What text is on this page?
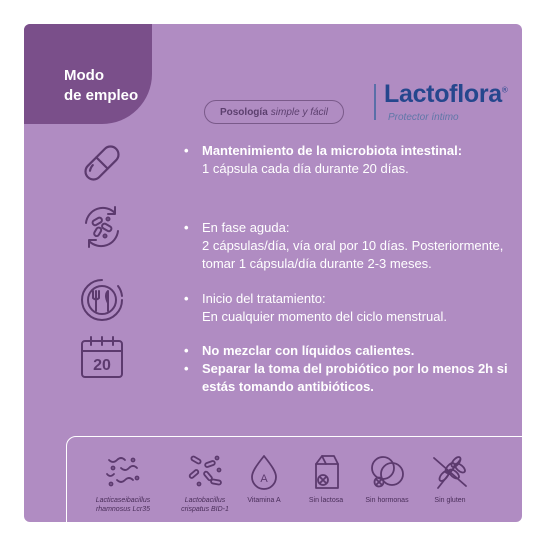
Modo
de empleo
Posología simple y fácil
Lactoflora®
Protector íntimo
20
•	Mantenimiento de la microbiota intestinal:
1 cápsula cada día durante 20 días.
•	En fase aguda:
2 cápsulas/día, vía oral por 10 días. Posteriormente,
tomar 1 cápsula/día durante 2-3 meses.
•	Inicio del tratamiento:
En cualquier momento del ciclo menstrual.
•	No mezclar con líquidos calientes.
•	Separar la toma del probiótico por lo menos 2h si
estás tomando antibióticos.
Lacticaseibacillus
rhamnosus Lcr35
Lactobacillus
crispatus BID-1
A
Vitamina A	Sin lactosa	Sin hormonas	Sin gluten
